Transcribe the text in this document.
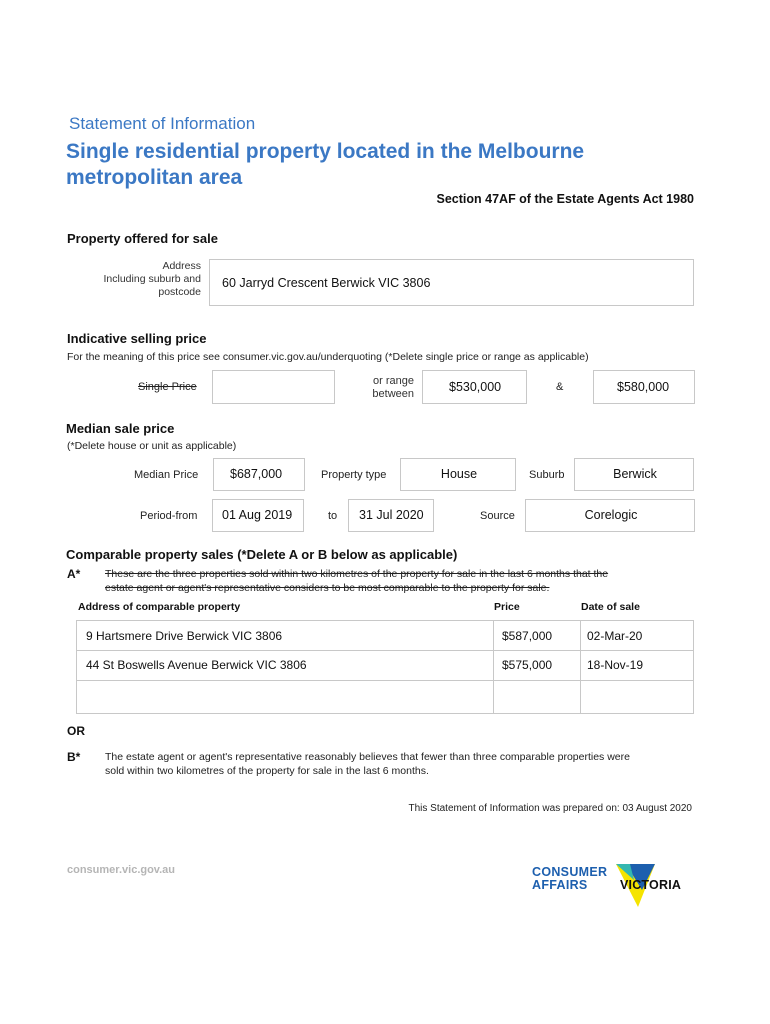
Statement of Information
Single residential property located in the Melbourne
metropolitan area
Section 47AF of the Estate Agents Act 1980
Property offered for sale
Address
Including suburb and
postcode
60 Jarryd Crescent Berwick VIC 3806
Indicative selling price
For the meaning of this price see consumer.vic.gov.au/underquoting (*Delete single price or range as applicable)
Single Price	or range
between	$530,000	&	$580,000
Median sale price
(*Delete house or unit as applicable)
Median Price	$687,000	Property type	House	Suburb	Berwick
Period-from 01 Aug 2019	to 31 Jul 2020	Source	Corelogic
Comparable property sales (*Delete A or B below as applicable)
A* These are the three properties sold within two kilometres of the property for sale in the last 6 months that the
estate agent or agent's representative considers to be most comparable to the property for sale.
Address of comparable property	Price	Date of sale
9 Hartsmere Drive Berwick VIC 3806	$587,000	02-Mar-20
44 St Boswells Avenue Berwick VIC 3806	$575,000	18-Nov-19
OR
B* The estate agent or agent's representative reasonably believes that fewer than three comparable properties were
sold within two kilometres of the property for sale in the last 6 months.
This Statement of Information was prepared on: 03 August 2020
consumer.vic.gov.au	CONSUMER
AFFAIRS	VICTORIA
